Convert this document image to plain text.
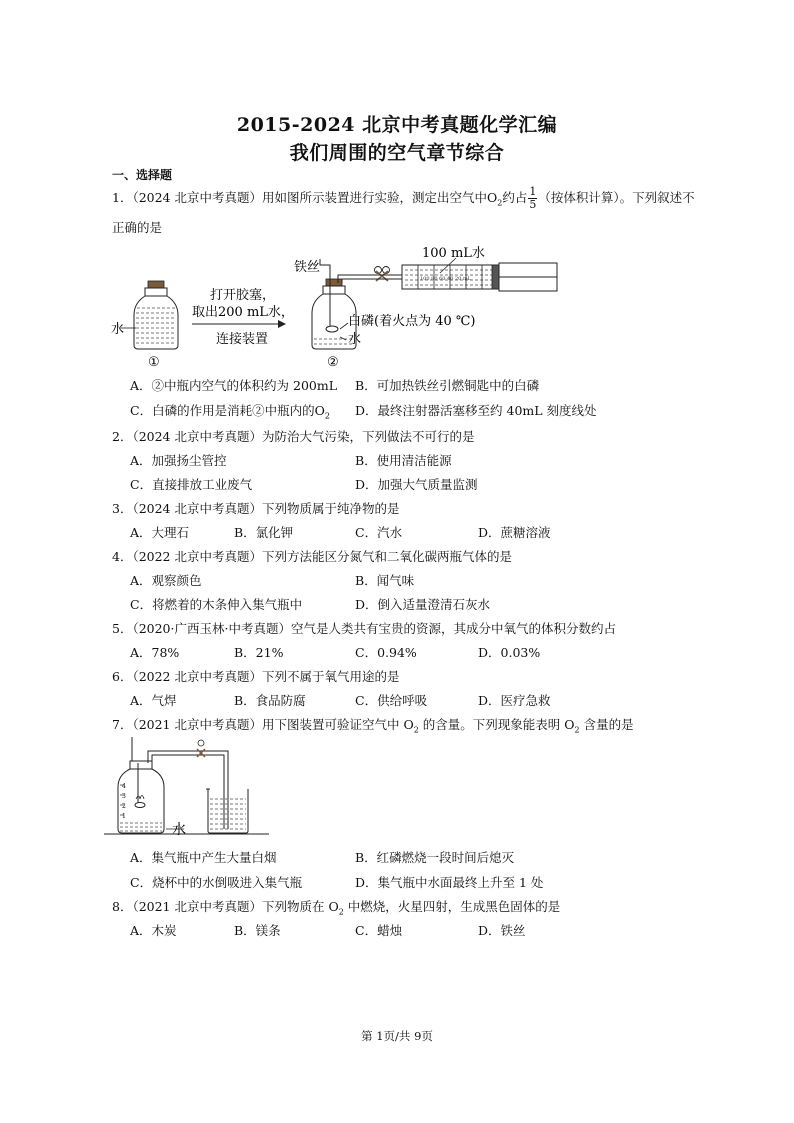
2015-2024 北京中考真题化学汇编
我们周围的空气章节综合
一、选择题
1．（2024 北京中考真题）用如图所示装置进行实验，测定出空气中$O_2$约占 $\frac{1}{5}$ （按体积计算）。下列叙述不
正确的是
水
①
打开胶塞，
取出200 mL水，
连接装置
铁丝
白磷(着火点为 40 ℃)
水
②
100 mL水
100 80 60 40 20 mL
A．②中瓶内空气的体积约为 200mL B．可加热铁丝引燃铜匙中的白磷
C．白磷的作用是消耗②中瓶内的$O_2$ D．最终注射器活塞移至约 40mL 刻度线处
2．（2024 北京中考真题）为防治大气污染，下列做法不可行的是
A．加强扬尘管控	B．使用清洁能源
C．直接排放工业废气	D．加强大气质量监测
3．（2024 北京中考真题）下列物质属于纯净物的是
A．大理石	B．氯化钾	C．汽水	D．蔗糖溶液
4．（2022 北京中考真题）下列方法能区分氮气和二氧化碳两瓶气体的是
A．观察颜色	B．闻气味
C．将燃着的木条伸入集气瓶中	D．倒入适量澄清石灰水
5．（2020·广西玉林·中考真题）空气是人类共有宝贵的资源，其成分中氧气的体积分数约占
A．78%	B．21%	C．0.94%	D．0.03%
6．（2022 北京中考真题）下列不属于氧气用途的是
A．气焊	B．食品防腐	C．供给呼吸	D．医疗急救
7．（2021 北京中考真题）用下图装置可验证空气中 $O_2$ 的含量。下列现象能表明 $O_2$ 含量的是
4
3
2
1
水
A．集气瓶中产生大量白烟	B．红磷燃烧一段时间后熄灭
C．烧杯中的水倒吸进入集气瓶	D．集气瓶中水面最终上升至 1 处
8．（2021 北京中考真题）下列物质在 $O_2$ 中燃烧，火星四射，生成黑色固体的是
A．木炭	B．镁条	C．蜡烛	D．铁丝
第 1页/共 9页
